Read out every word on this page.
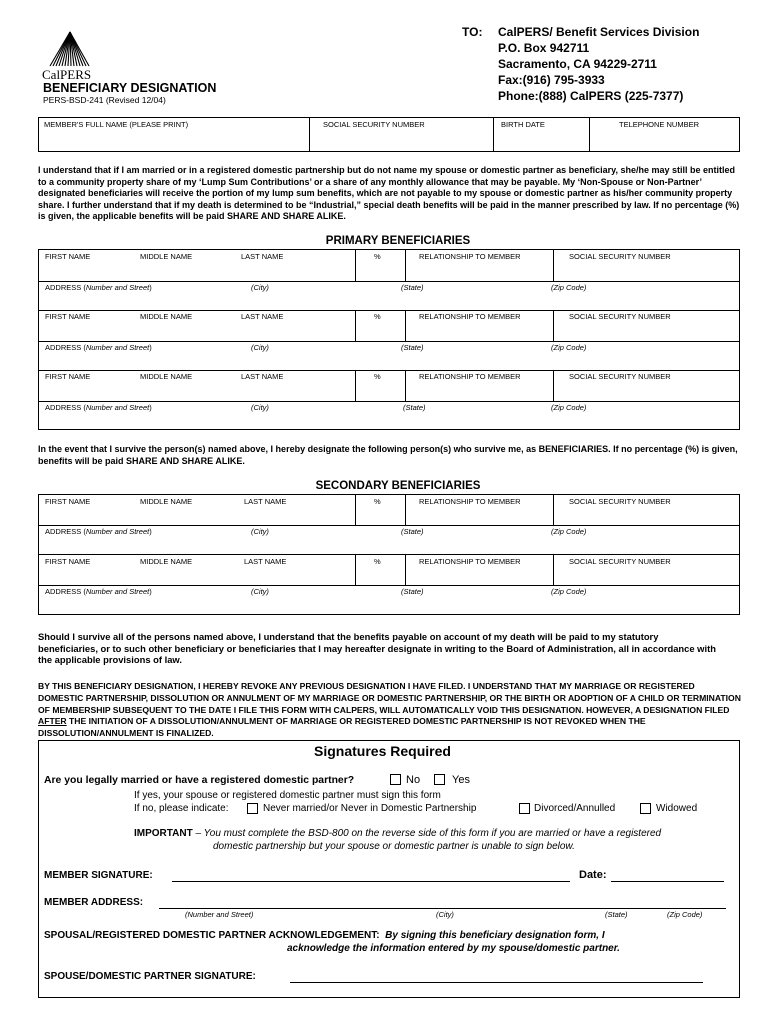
CalPERS
BENEFICIARY DESIGNATION
PERS-BSD-241 (Revised 12/04)
TO: CalPERS/ Benefit Services Division
P.O. Box 942711
Sacramento, CA 94229-2711
Fax:(916) 795-3933
Phone:(888) CalPERS (225-7377)
MEMBER'S FULL NAME (PLEASE PRINT)	SOCIAL SECURITY NUMBER	BIRTH DATE	TELEPHONE NUMBER
I understand that if I am married or in a registered domestic partnership but do not name my spouse or domestic partner as beneficiary, she/he may still be entitled to a community property share of my ‘Lump Sum Contributions’ or a share of any monthly allowance that may be payable. My ‘Non-Spouse or Non-Partner’ designated beneficiaries will receive the portion of my lump sum benefits, which are not payable to my spouse or domestic partner as his/her community property share. I further understand that if my death is determined to be “Industrial,” special death benefits will be paid in the manner prescribed by law. If no percentage (%) is given, the applicable benefits will be paid SHARE AND SHARE ALIKE.
PRIMARY BENEFICIARIES
FIRST NAME	MIDDLE NAME	LAST NAME	%	RELATIONSHIP TO MEMBER	SOCIAL SECURITY NUMBER
ADDRESS (Number and Street)	(City)	(State)	(Zip Code)
FIRST NAME	MIDDLE NAME	LAST NAME	%	RELATIONSHIP TO MEMBER	SOCIAL SECURITY NUMBER
ADDRESS (Number and Street)	(City)	(State)	(Zip Code)
FIRST NAME	MIDDLE NAME	LAST NAME	%	RELATIONSHIP TO MEMBER	SOCIAL SECURITY NUMBER
ADDRESS (Number and Street)	(City)	(State)	(Zip Code)
In the event that I survive the person(s) named above, I hereby designate the following person(s) who survive me, as BENEFICIARIES. If no percentage (%) is given, benefits will be paid SHARE AND SHARE ALIKE.
SECONDARY BENEFICIARIES
FIRST NAME	MIDDLE NAME	LAST NAME	%	RELATIONSHIP TO MEMBER	SOCIAL SECURITY NUMBER
ADDRESS (Number and Street)	(City)	(State)	(Zip Code)
FIRST NAME	MIDDLE NAME	LAST NAME	%	RELATIONSHIP TO MEMBER	SOCIAL SECURITY NUMBER
ADDRESS (Number and Street)	(City)	(State)	(Zip Code)
Should I survive all of the persons named above, I understand that the benefits payable on account of my death will be paid to my statutory beneficiaries, or to such other beneficiary or beneficiaries that I may hereafter designate in writing to the Board of Administration, all in accordance with the applicable provisions of law.
BY THIS BENEFICIARY DESIGNATION, I HEREBY REVOKE ANY PREVIOUS DESIGNATION I HAVE FILED. I UNDERSTAND THAT MY MARRIAGE OR REGISTERED DOMESTIC PARTNERSHIP, DISSOLUTION OR ANNULMENT OF MY MARRIAGE OR DOMESTIC PARTNERSHIP, OR THE BIRTH OR ADOPTION OF A CHILD OR TERMINATION OF MEMBERSHIP SUBSEQUENT TO THE DATE I FILE THIS FORM WITH CALPERS, WILL AUTOMATICALLY VOID THIS DESIGNATION. HOWEVER, A DESIGNATION FILED AFTER THE INITIATION OF A DISSOLUTION/ANNULMENT OF MARRIAGE OR REGISTERED DOMESTIC PARTNERSHIP IS NOT REVOKED WHEN THE DISSOLUTION/ANNULMENT IS FINALIZED.
Signatures Required
Are you legally married or have a registered domestic partner?	No	Yes
If yes, your spouse or registered domestic partner must sign this form
If no, please indicate:	Never married/or Never in Domestic Partnership	Divorced/Annulled	Widowed
IMPORTANT – You must complete the BSD-800 on the reverse side of this form if you are married or have a registered
domestic partnership but your spouse or domestic partner is unable to sign below.
MEMBER SIGNATURE:	Date:
MEMBER ADDRESS:
(Number and Street)	(City)	(State)	(Zip Code)
SPOUSAL/REGISTERED DOMESTIC PARTNER ACKNOWLEDGEMENT: By signing this beneficiary designation form, I
acknowledge the information entered by my spouse/domestic partner.
SPOUSE/DOMESTIC PARTNER SIGNATURE:
